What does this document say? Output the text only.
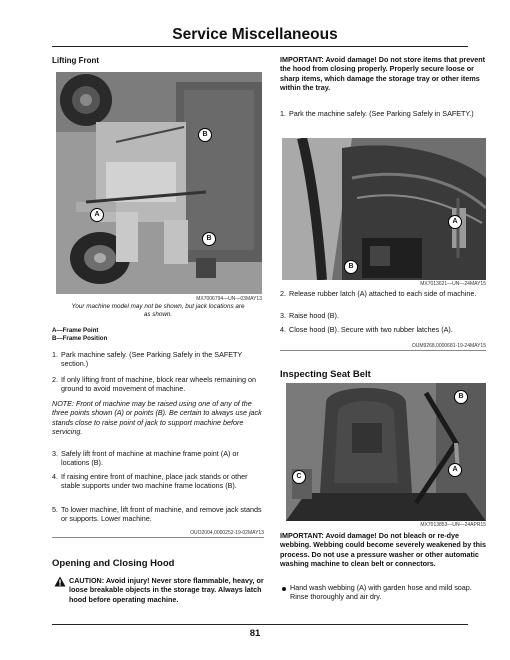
Service Miscellaneous
Lifting Front
B
A
B
MX7006794—UN—03MAY13
Your machine model may not be shown, but jack locations are as shown.
A—Frame Point
B—Frame Position
1. Park machine safely. (See Parking Safely in the SAFETY section.)
2. If only lifting front of machine, block rear wheels remaining on ground to avoid movement of machine.
NOTE: Front of machine may be raised using one of any of the three points shown (A) or points (B). Be certain to always use jack stands close to raise point of jack to support machine before servicing.
3. Safely lift front of machine at machine frame point (A) or locations (B).
4. If raising entire front of machine, place jack stands or other stable supports under two machine frame locations (B).
5. To lower machine, lift front of machine, and remove jack stands or supports. Lower machine.
OUO2004,0000252-19-02MAY13
Opening and Closing Hood
CAUTION: Avoid injury! Never store flammable, heavy, or loose breakable objects in the storage tray. Always latch hood before operating machine.
IMPORTANT: Avoid damage! Do not store items that prevent the hood from closing properly. Properly secure loose or sharp items, which damage the storage tray or other items within the tray.
1. Park the machine safely. (See Parking Safely in SAFETY.)
A
B
MX7013621—UN—24MAY15
2. Release rubber latch (A) attached to each side of machine.
3. Raise hood (B).
4. Close hood (B). Secure with two rubber latches (A).
OUM9268,0000681-19-24MAY15
Inspecting Seat Belt
B
C
A
MX7013853—UN—24APR15
IMPORTANT: Avoid damage! Do not bleach or re-dye webbing. Webbing could become severely weakened by this process. Do not use a pressure washer or other automatic washing machine to clean belt or connectors.
Hand wash webbing (A) with garden hose and mild soap. Rinse thoroughly and air dry.
81
